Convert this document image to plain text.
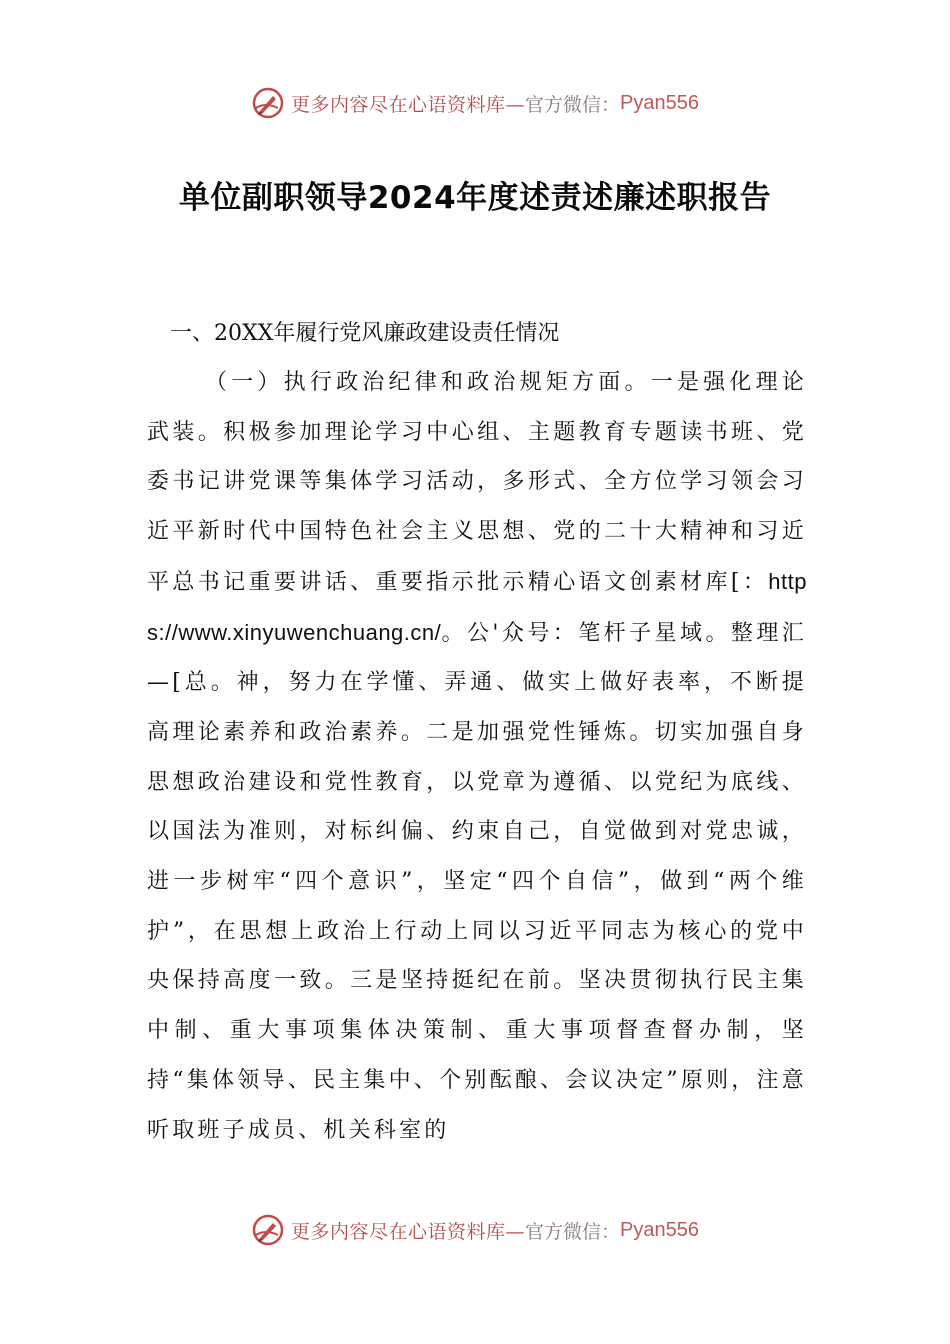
更多内容尽在心语资料库— 官方微信： Pyan556
单位副职领导2024年度述责述廉述职报告
一、20XX年履行党风廉政建设责任情况

（一）执行政治纪律和政治规矩方面。一是强化理论武装。积极参加理论学习中心组、主题教育专题读书班、党委书记讲党课等集体学习活动，多形式、全方位学习领会习近平新时代中国特色社会主义思想、党的二十大精神和习近平总书记重要讲话、重要指示批示精心语文创素材库[：https://www.xinyuwenchuang.cn/。公'众号：笔杆子星域。整理汇—[总。神，努力在学懂、弄通、做实上做好表率，不断提高理论素养和政治素养。二是加强党性锤炼。切实加强自身思想政治建设和党性教育，以党章为遵循、以党纪为底线、以国法为准则，对标纠偏、约束自己，自觉做到对党忠诚，进一步树牢“四个意识”，坚定“四个自信”，做到“两个维护”，在思想上政治上行动上同以习近平同志为核心的党中央保持高度一致。三是坚持挺纪在前。坚决贯彻执行民主集中制、重大事项集体决策制、重大事项督查督办制，坚持“集体领导、民主集中、个别酝酿、会议决定”原则，注意听取班子成员、机关科室的

更多内容尽在心语资料库— 官方微信： Pyan556
